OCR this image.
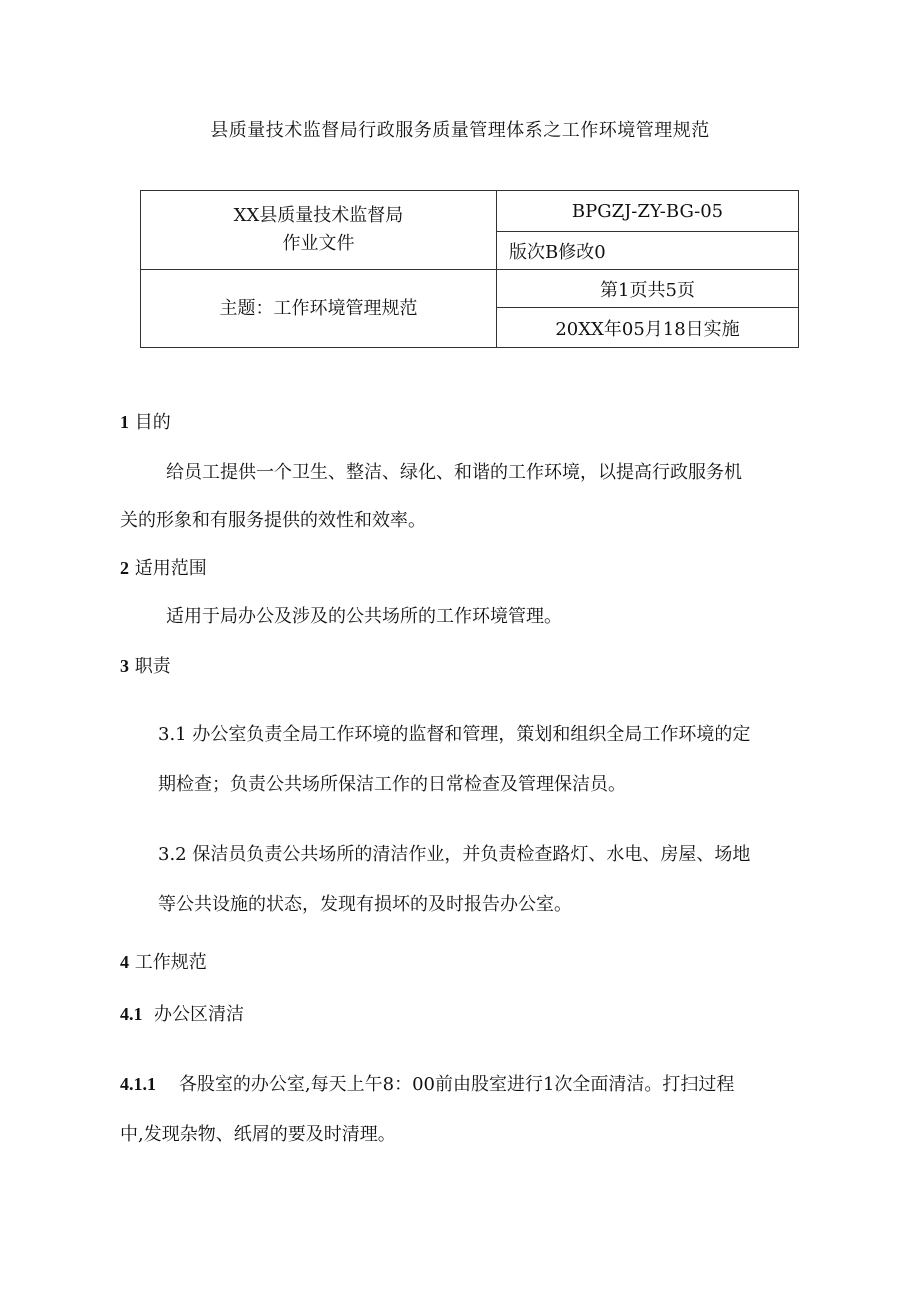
县质量技术监督局行政服务质量管理体系之工作环境管理规范
XX县质量技术监督局
作业文件	BPGZJ-ZY-BG-05
	版次B修改0
主题：工作环境管理规范	第1页共5页
	20XX年05月18日实施
1 目的
给员工提供一个卫生、整洁、绿化、和谐的工作环境，以提高行政服务机
关的形象和有服务提供的效性和效率。
2 适用范围
适用于局办公及涉及的公共场所的工作环境管理。
3 职责
3.1 办公室负责全局工作环境的监督和管理，策划和组织全局工作环境的定
期检查；负责公共场所保洁工作的日常检查及管理保洁员。
3.2 保洁员负责公共场所的清洁作业，并负责检查路灯、水电、房屋、场地
等公共设施的状态，发现有损坏的及时报告办公室。
4 工作规范
4.1 办公区清洁
4.1.1 各股室的办公室,每天上午8：00前由股室进行1次全面清洁。打扫过程
中,发现杂物、纸屑的要及时清理。
